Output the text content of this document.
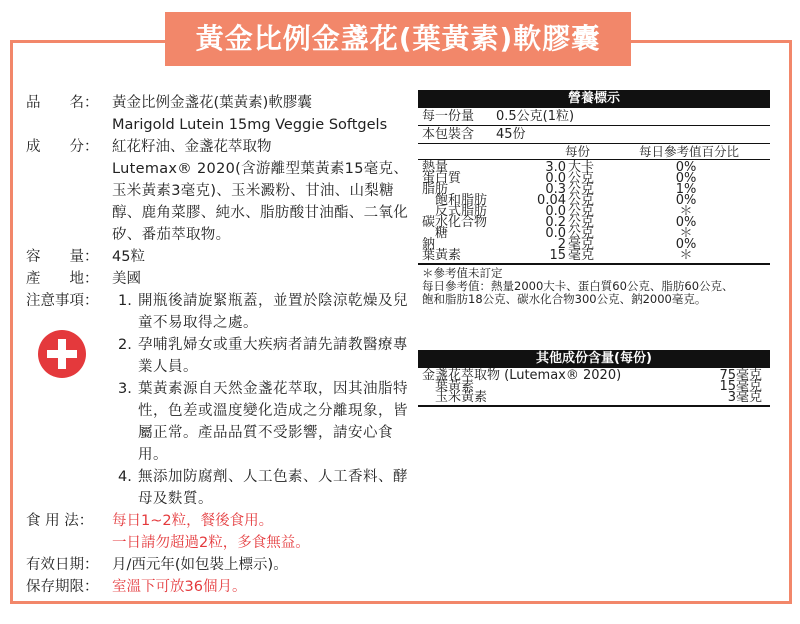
黃金比例金盞花(葉黃素)軟膠囊
品　　名： 黃金比例金盞花(葉黃素)軟膠囊
Marigold Lutein 15mg Veggie Softgels
成　　分： 紅花籽油、金盞花萃取物
Lutemax® 2020(含游離型葉黃素15毫克、玉米黃素3毫克)、玉米澱粉、甘油、山梨糖醇、鹿角菜膠、純水、脂肪酸甘油酯、二氧化矽、番茄萃取物。
容　　量： 45粒
產　　地： 美國
注意事項：	1. 開瓶後請旋緊瓶蓋，並置於陰涼乾燥及兒童不易取得之處。
2. 孕哺乳婦女或重大疾病者請先請教醫療專業人員。
3. 葉黃素源自天然金盞花萃取，因其油脂特性，色差或溫度變化造成之分離現象，皆屬正常。產品品質不受影響，請安心食用。
4. 無添加防腐劑、人工色素、人工香料、酵母及麩質。
食 用 法：	每日1~2粒，餐後食用。
一日請勿超過2粒，多食無益。
有效日期： 月/西元年(如包裝上標示)。
保存期限： 室溫下可放36個月。
營養標示
每一份量	0.5公克(1粒)
本包裝含	45份
每份	每日參考值百分比
熱量	3.0 大卡	0%
蛋白質	0.0 公克	0%
脂肪	0.3 公克	1%
　飽和脂肪	0.04 公克	0%
　反式脂肪	0.0 公克	＊
碳水化合物	0.2 公克	0%
　糖	0.0 公克	＊
鈉	2 毫克	0%
葉黃素	15 毫克	＊
＊參考值未訂定
每日參考值：熱量2000大卡、蛋白質60公克、脂肪60公克、
飽和脂肪18公克、碳水化合物300公克、鈉2000毫克。
其他成份含量(每份)
金盞花萃取物 (Lutemax® 2020)	75 毫克
　葉黃素	15 毫克
　玉米黃素	3 毫克
